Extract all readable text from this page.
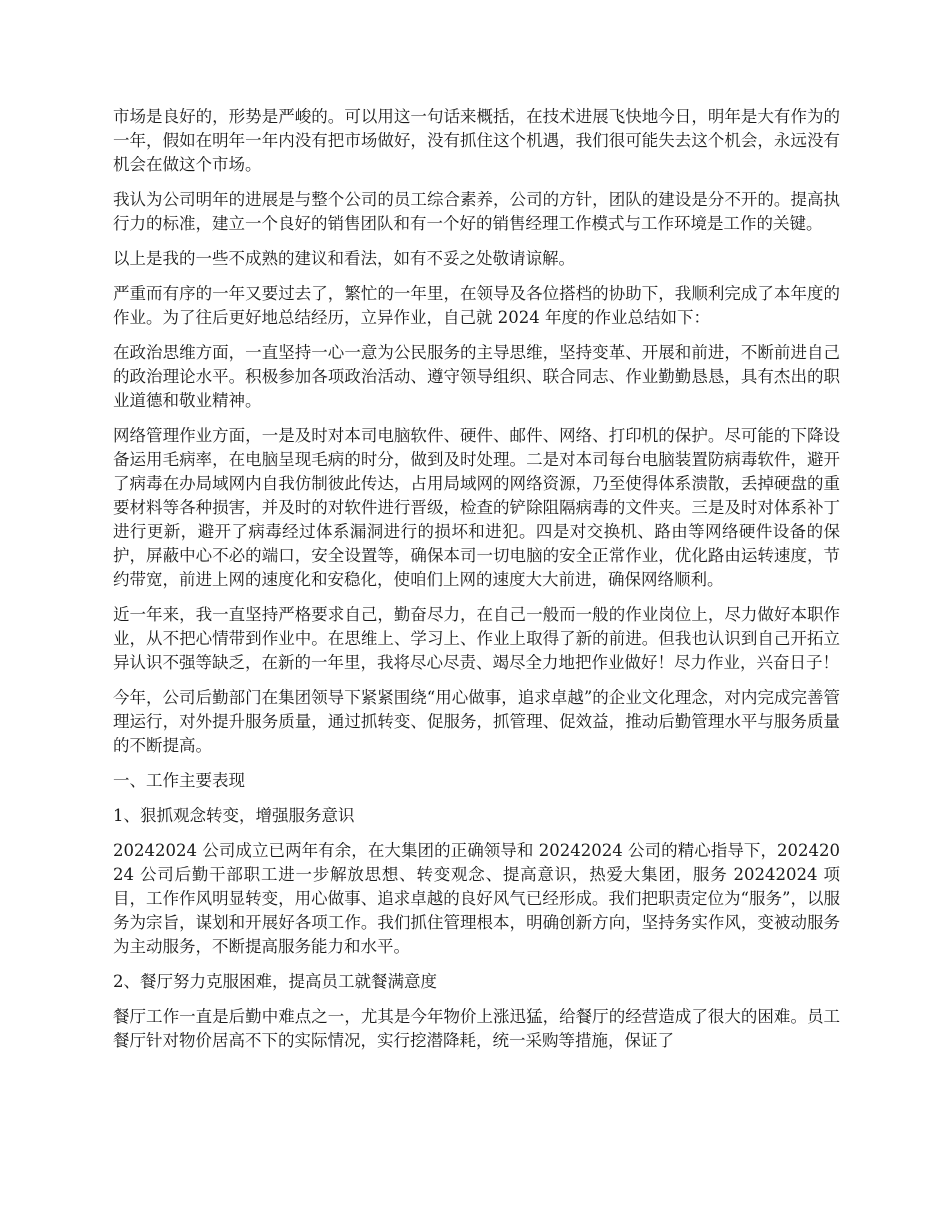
市场是良好的，形势是严峻的。可以用这一句话来概括，在技术进展飞快地今日，明年是大有作为的一年，假如在明年一年内没有把市场做好，没有抓住这个机遇，我们很可能失去这个机会，永远没有机会在做这个市场。

我认为公司明年的进展是与整个公司的员工综合素养，公司的方针，团队的建设是分不开的。提高执行力的标准，建立一个良好的销售团队和有一个好的销售经理工作模式与工作环境是工作的关键。

以上是我的一些不成熟的建议和看法，如有不妥之处敬请谅解。

严重而有序的一年又要过去了，繁忙的一年里，在领导及各位搭档的协助下，我顺利完成了本年度的作业。为了往后更好地总结经历，立异作业，自己就 2024 年度的作业总结如下：

在政治思维方面，一直坚持一心一意为公民服务的主导思维，坚持变革、开展和前进，不断前进自己的政治理论水平。积极参加各项政治活动、遵守领导组织、联合同志、作业勤勤恳恳，具有杰出的职业道德和敬业精神。

网络管理作业方面，一是及时对本司电脑软件、硬件、邮件、网络、打印机的保护。尽可能的下降设备运用毛病率，在电脑呈现毛病的时分，做到及时处理。二是对本司每台电脑装置防病毒软件，避开了病毒在办局域网内自我仿制彼此传达，占用局域网的网络资源，乃至使得体系溃散，丢掉硬盘的重要材料等各种损害，并及时的对软件进行晋级，检查的铲除阻隔病毒的文件夹。三是及时对体系补丁进行更新，避开了病毒经过体系漏洞进行的损坏和进犯。四是对交换机、路由等网络硬件设备的保护，屏蔽中心不必的端口，安全设置等，确保本司一切电脑的安全正常作业，优化路由运转速度，节约带宽，前进上网的速度化和安稳化，使咱们上网的速度大大前进，确保网络顺利。

近一年来，我一直坚持严格要求自己，勤奋尽力，在自己一般而一般的作业岗位上，尽力做好本职作业，从不把心情带到作业中。在思维上、学习上、作业上取得了新的前进。但我也认识到自己开拓立异认识不强等缺乏，在新的一年里，我将尽心尽责、竭尽全力地把作业做好！尽力作业，兴奋日子！

今年，公司后勤部门在集团领导下紧紧围绕“用心做事，追求卓越”的企业文化理念，对内完成完善管理运行，对外提升服务质量，通过抓转变、促服务，抓管理、促效益，推动后勤管理水平与服务质量的不断提高。

一、工作主要表现

1、狠抓观念转变，增强服务意识

20242024 公司成立已两年有余，在大集团的正确领导和 20242024 公司的精心指导下，20242024 公司后勤干部职工进一步解放思想、转变观念、提高意识，热爱大集团，服务 20242024 项目，工作作风明显转变，用心做事、追求卓越的良好风气已经形成。我们把职责定位为“服务”，以服务为宗旨，谋划和开展好各项工作。我们抓住管理根本，明确创新方向，坚持务实作风，变被动服务为主动服务，不断提高服务能力和水平。

2、餐厅努力克服困难，提高员工就餐满意度

餐厅工作一直是后勤中难点之一，尤其是今年物价上涨迅猛，给餐厅的经营造成了很大的困难。员工餐厅针对物价居高不下的实际情况，实行挖潜降耗，统一采购等措施，保证了
